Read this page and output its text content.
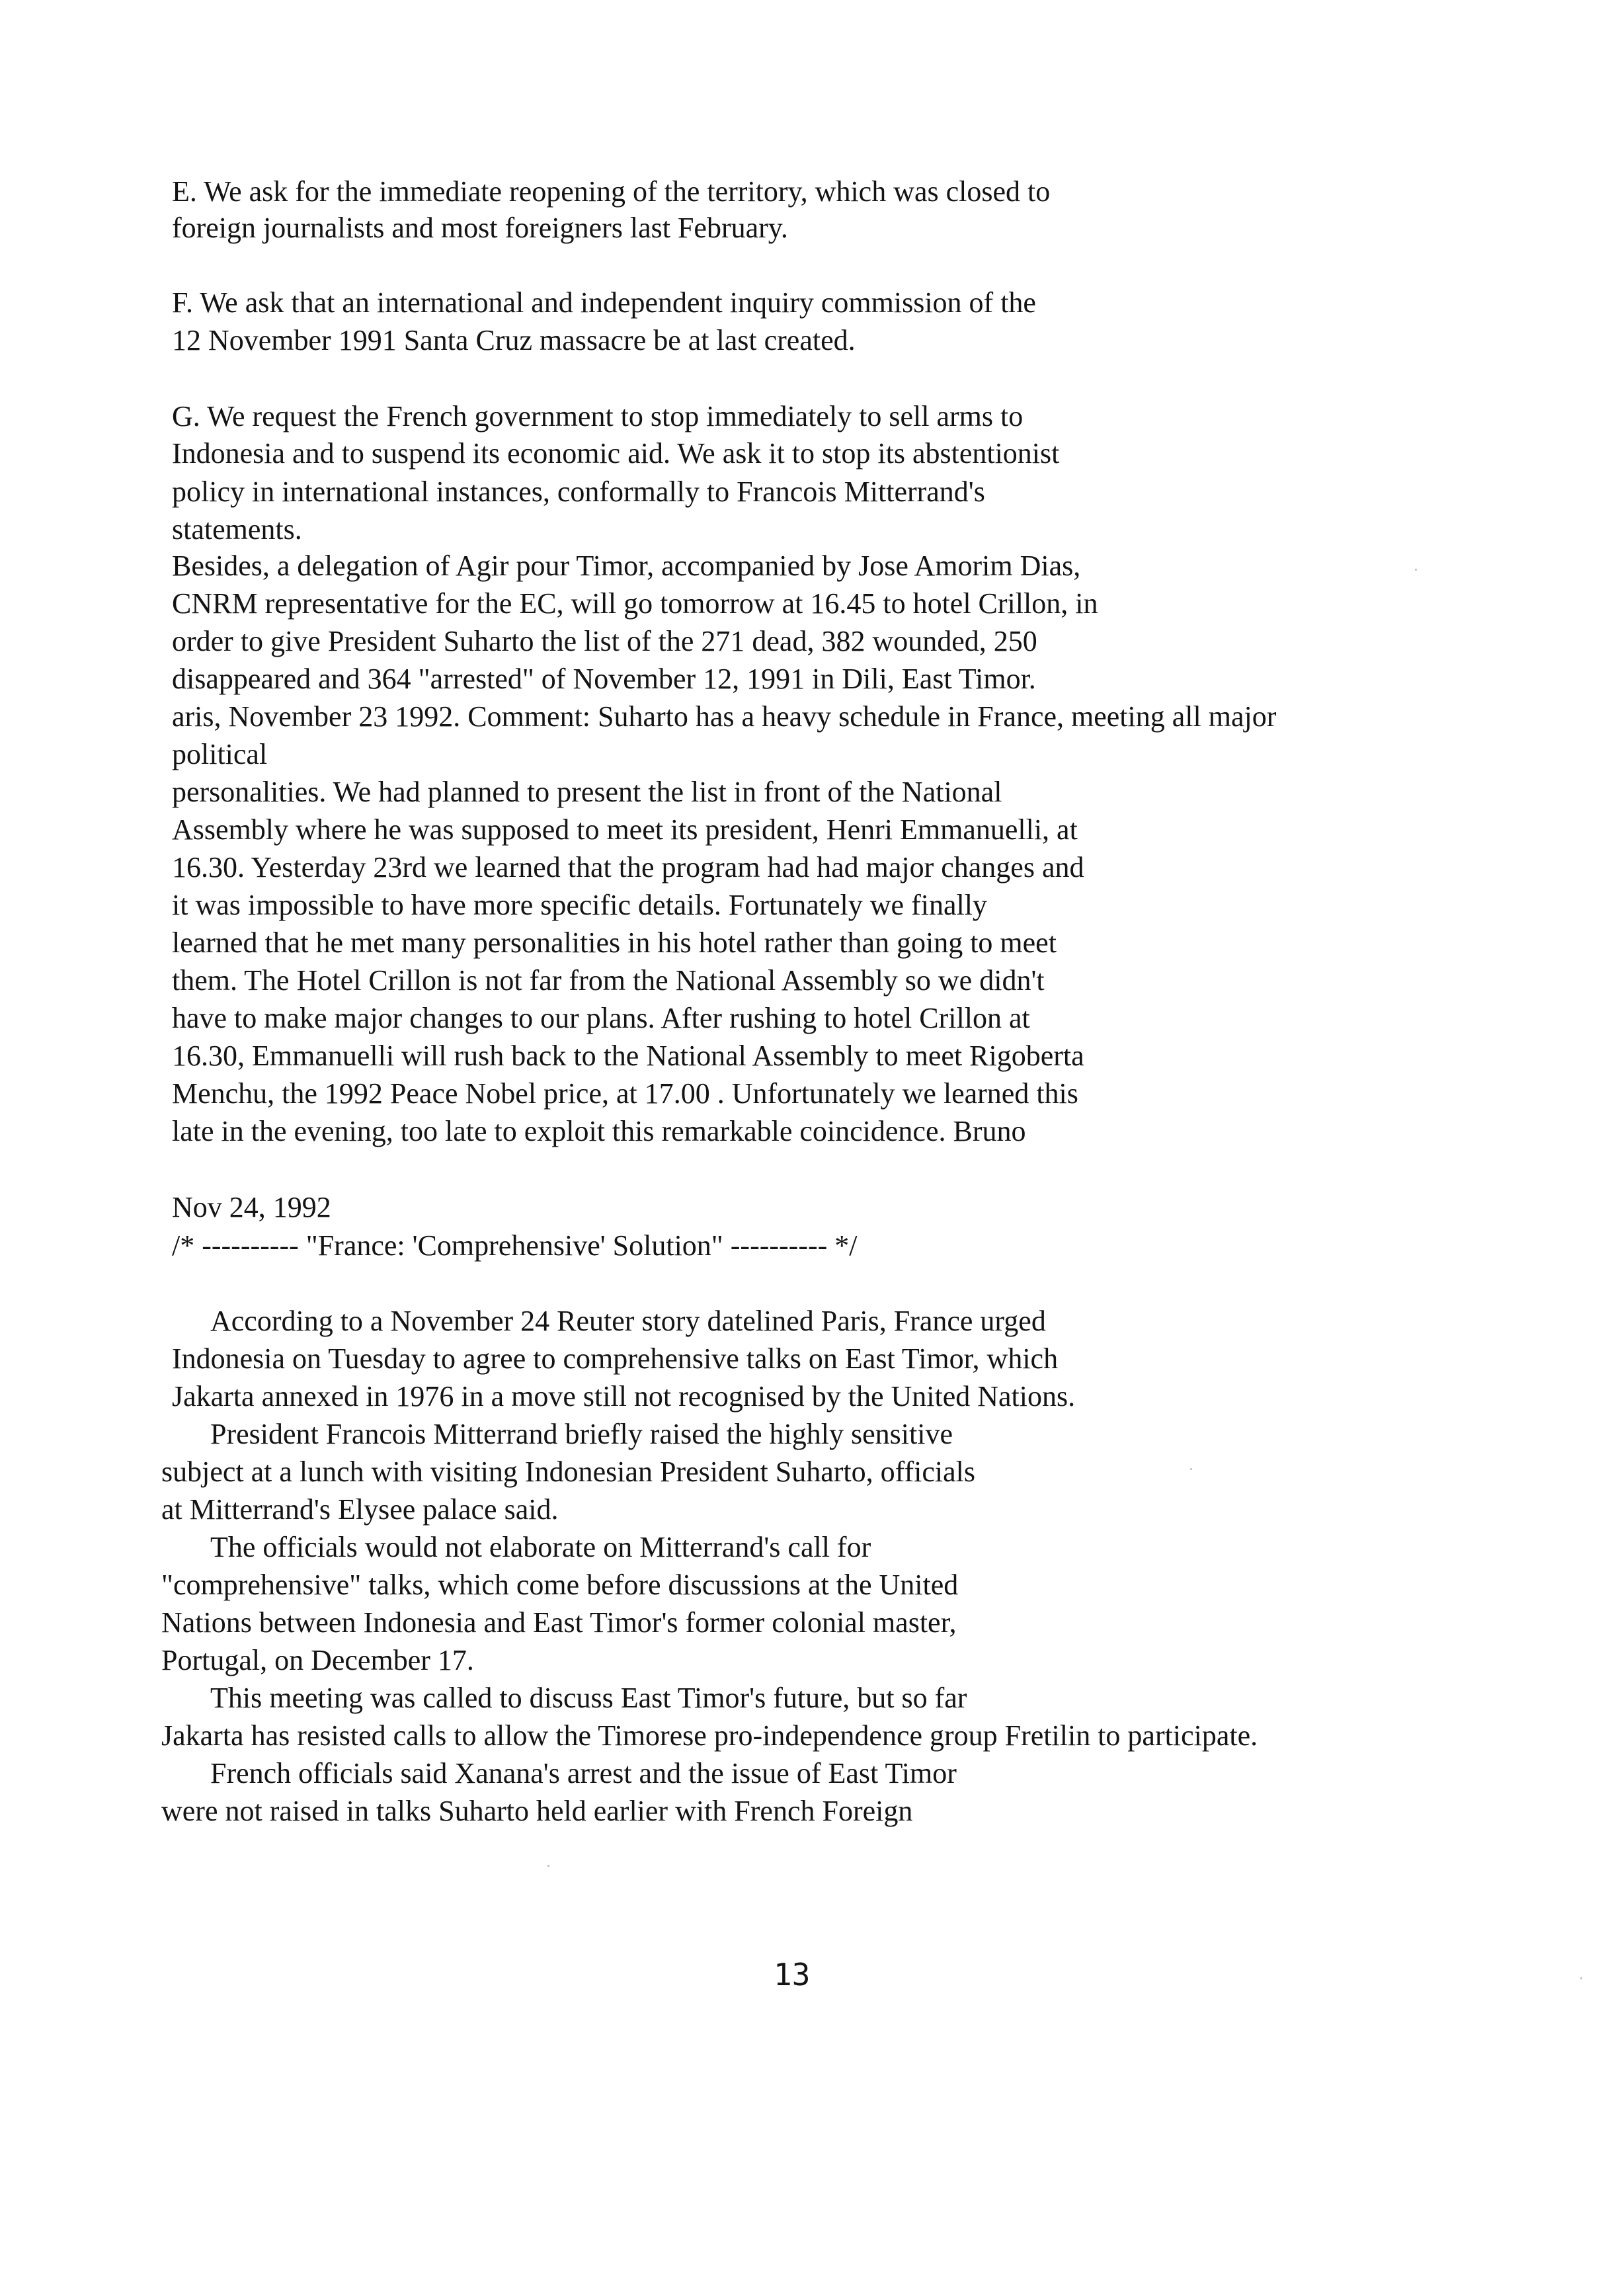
E. We ask for the immediate reopening of the territory, which was closed to
foreign journalists and most foreigners last February.
F. We ask that an international and independent inquiry commission of the
12 November 1991 Santa Cruz massacre be at last created.
G. We request the French government to stop immediately to sell arms to
Indonesia and to suspend its economic aid. We ask it to stop its abstentionist
policy in international instances, conformally to Francois Mitterrand's
statements.
Besides, a delegation of Agir pour Timor, accompanied by Jose Amorim Dias,
CNRM representative for the EC, will go tomorrow at 16.45 to hotel Crillon, in
order to give President Suharto the list of the 271 dead, 382 wounded, 250
disappeared and 364 "arrested" of November 12, 1991 in Dili, East Timor.
aris, November 23 1992. Comment: Suharto has a heavy schedule in France, meeting all major
political
personalities. We had planned to present the list in front of the National
Assembly where he was supposed to meet its president, Henri Emmanuelli, at
16.30. Yesterday 23rd we learned that the program had had major changes and
it was impossible to have more specific details. Fortunately we finally
learned that he met many personalities in his hotel rather than going to meet
them. The Hotel Crillon is not far from the National Assembly so we didn't
have to make major changes to our plans. After rushing to hotel Crillon at
16.30, Emmanuelli will rush back to the National Assembly to meet Rigoberta
Menchu, the 1992 Peace Nobel price, at 17.00 . Unfortunately we learned this
late in the evening, too late to exploit this remarkable coincidence. Bruno
Nov 24, 1992
/* ---------- "France: 'Comprehensive' Solution" ---------- */
According to a November 24 Reuter story datelined Paris, France urged
Indonesia on Tuesday to agree to comprehensive talks on East Timor, which
Jakarta annexed in 1976 in a move still not recognised by the United Nations.
President Francois Mitterrand briefly raised the highly sensitive
subject at a lunch with visiting Indonesian President Suharto, officials
at Mitterrand's Elysee palace said.
The officials would not elaborate on Mitterrand's call for
"comprehensive" talks, which come before discussions at the United
Nations between Indonesia and East Timor's former colonial master,
Portugal, on December 17.
This meeting was called to discuss East Timor's future, but so far
Jakarta has resisted calls to allow the Timorese pro-independence group Fretilin to participate.
French officials said Xanana's arrest and the issue of East Timor
were not raised in talks Suharto held earlier with French Foreign
13
